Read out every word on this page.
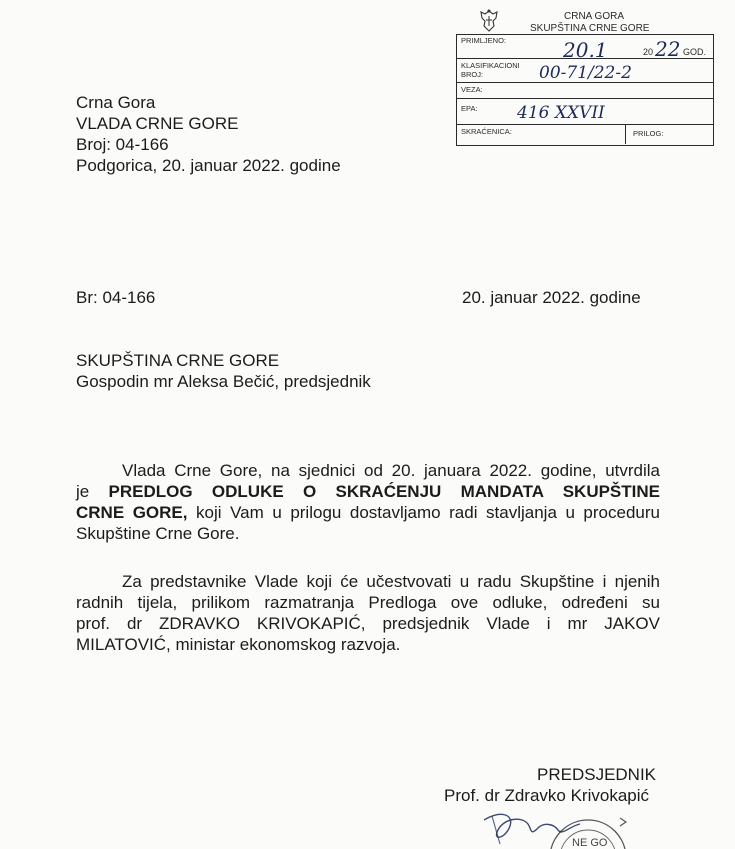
CRNA GORA
SKUPŠTINA CRNE GORE
PRIMLJENO:	20.1	20 22 GOD.
KLASIFIKACIONI
BROJ:	00-71/22-2
VEZA:
EPA: 416 XXVII
SKRAĆENICA:	PRILOG:
Crna Gora
VLADA CRNE GORE
Broj: 04-166
Podgorica, 20. januar 2022. godine
Br: 04-166	20. januar 2022. godine
SKUPŠTINA CRNE GORE
Gospodin mr Aleksa Bečić, predsjednik
Vlada Crne Gore, na sjednici od 20. januara 2022. godine, utvrdila
je PREDLOG ODLUKE O SKRAĆENJU MANDATA SKUPŠTINE
CRNE GORE, koji Vam u prilogu dostavljamo radi stavljanja u proceduru
Skupštine Crne Gore.
Za predstavnike Vlade koji će učestvovati u radu Skupštine i njenih
radnih tijela, prilikom razmatranja Predloga ove odluke, određeni su
prof. dr ZDRAVKO KRIVOKAPIĆ, predsjednik Vlade i mr JAKOV
MILATOVIĆ, ministar ekonomskog razvoja.
PREDSJEDNIK
Prof. dr Zdravko Krivokapić
NE GO
